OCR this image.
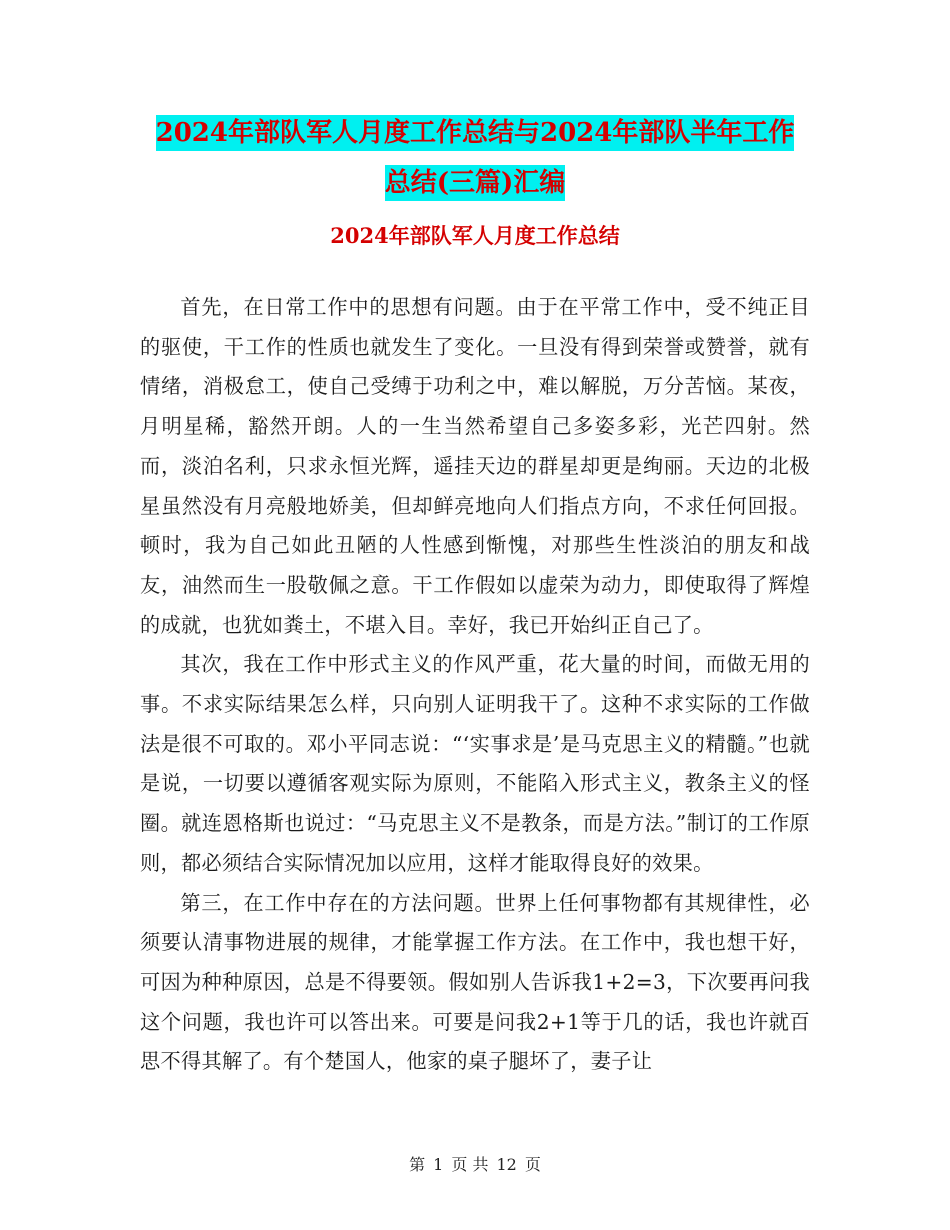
2024年部队军人月度工作总结与2024年部队半年工作
总结(三篇)汇编
2024年部队军人月度工作总结

首先，在日常工作中的思想有问题。由于在平常工作中，受不纯正目的驱使，干工作的性质也就发生了变化。一旦没有得到荣誉或赞誉，就有情绪，消极怠工，使自己受缚于功利之中，难以解脱，万分苦恼。某夜，月明星稀，豁然开朗。人的一生当然希望自己多姿多彩，光芒四射。然而，淡泊名利，只求永恒光辉，遥挂天边的群星却更是绚丽。天边的北极星虽然没有月亮般地娇美，但却鲜亮地向人们指点方向，不求任何回报。顿时，我为自己如此丑陋的人性感到惭愧，对那些生性淡泊的朋友和战友，油然而生一股敬佩之意。干工作假如以虚荣为动力，即使取得了辉煌的成就，也犹如粪土，不堪入目。幸好，我已开始纠正自己了。

其次，我在工作中形式主义的作风严重，花大量的时间，而做无用的事。不求实际结果怎么样，只向别人证明我干了。这种不求实际的工作做法是很不可取的。邓小平同志说：“‘实事求是’是马克思主义的精髓。”也就是说，一切要以遵循客观实际为原则，不能陷入形式主义，教条主义的怪圈。就连恩格斯也说过：“马克思主义不是教条，而是方法。”制订的工作原则，都必须结合实际情况加以应用，这样才能取得良好的效果。

第三，在工作中存在的方法问题。世界上任何事物都有其规律性，必须要认清事物进展的规律，才能掌握工作方法。在工作中，我也想干好，可因为种种原因，总是不得要领。假如别人告诉我1+2=3，下次要再问我这个问题，我也许可以答出来。可要是问我2+1等于几的话，我也许就百思不得其解了。有个楚国人，他家的桌子腿坏了，妻子让

第 1 页 共 12 页
